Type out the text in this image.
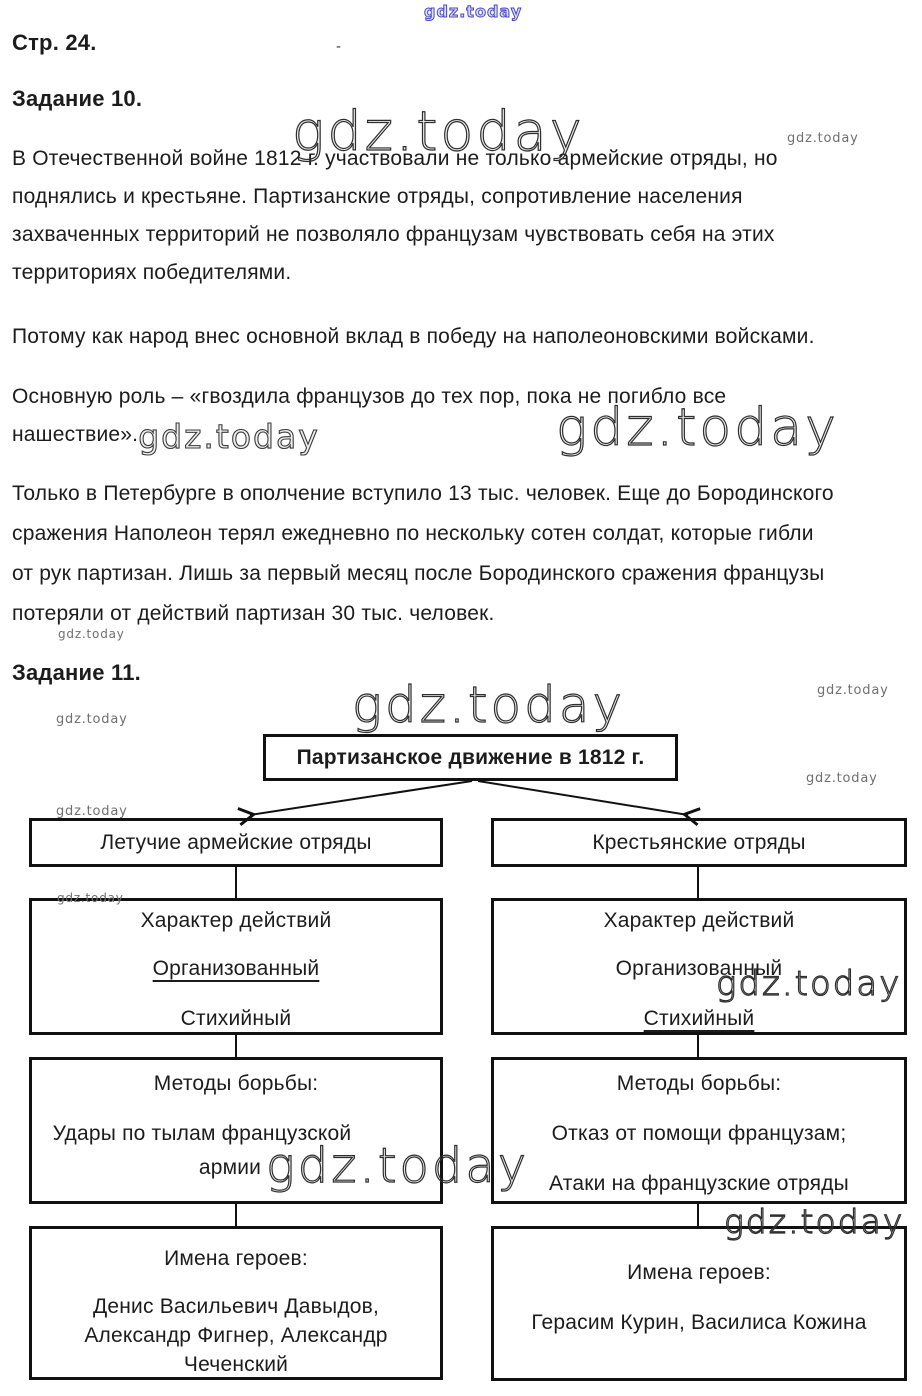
gdz.today
gdz.today	gdz.today
gdz.today
gdz.today
gdz.today	gdz.today
gdz.today
gdz.today
gdz.today
gdz.today
gdz.today
gdz.today
gdz.today
Стр. 24.	-
Задание 10.
В Отечественной войне 1812 г. участвовали не только армейские отряды, но
поднялись и крестьяне. Партизанские отряды, сопротивление населения
захваченных территорий не позволяло французам чувствовать себя на этих
территориях победителями.
Потому как народ внес основной вклад в победу на наполеоновскими войсками.
Основную роль – «гвоздила французов до тех пор, пока не погибло все
нашествие».gdz.today
Только в Петербурге в ополчение вступило 13 тыс. человек. Еще до Бородинского
сражения Наполеон терял ежедневно по нескольку сотен солдат, которые гибли
от рук партизан. Лишь за первый месяц после Бородинского сражения французы
потеряли от действий партизан 30 тыс. человек.
Задание 11.
Партизанское движение в 1812 г.
Летучие армейские отряды	Крестьянские отряды
Характер действий
Организованный
Стихийный
Характер действий
Организованный
Стихийный
Методы борьбы:
Удары по тылам французской
армии
Методы борьбы:
Отказ от помощи французам;
Атаки на французские отряды
Имена героев:
Денис Васильевич Давыдов,
Александр Фигнер, Александр
Чеченский
Имена героев:
Герасим Курин, Василиса Кожина
